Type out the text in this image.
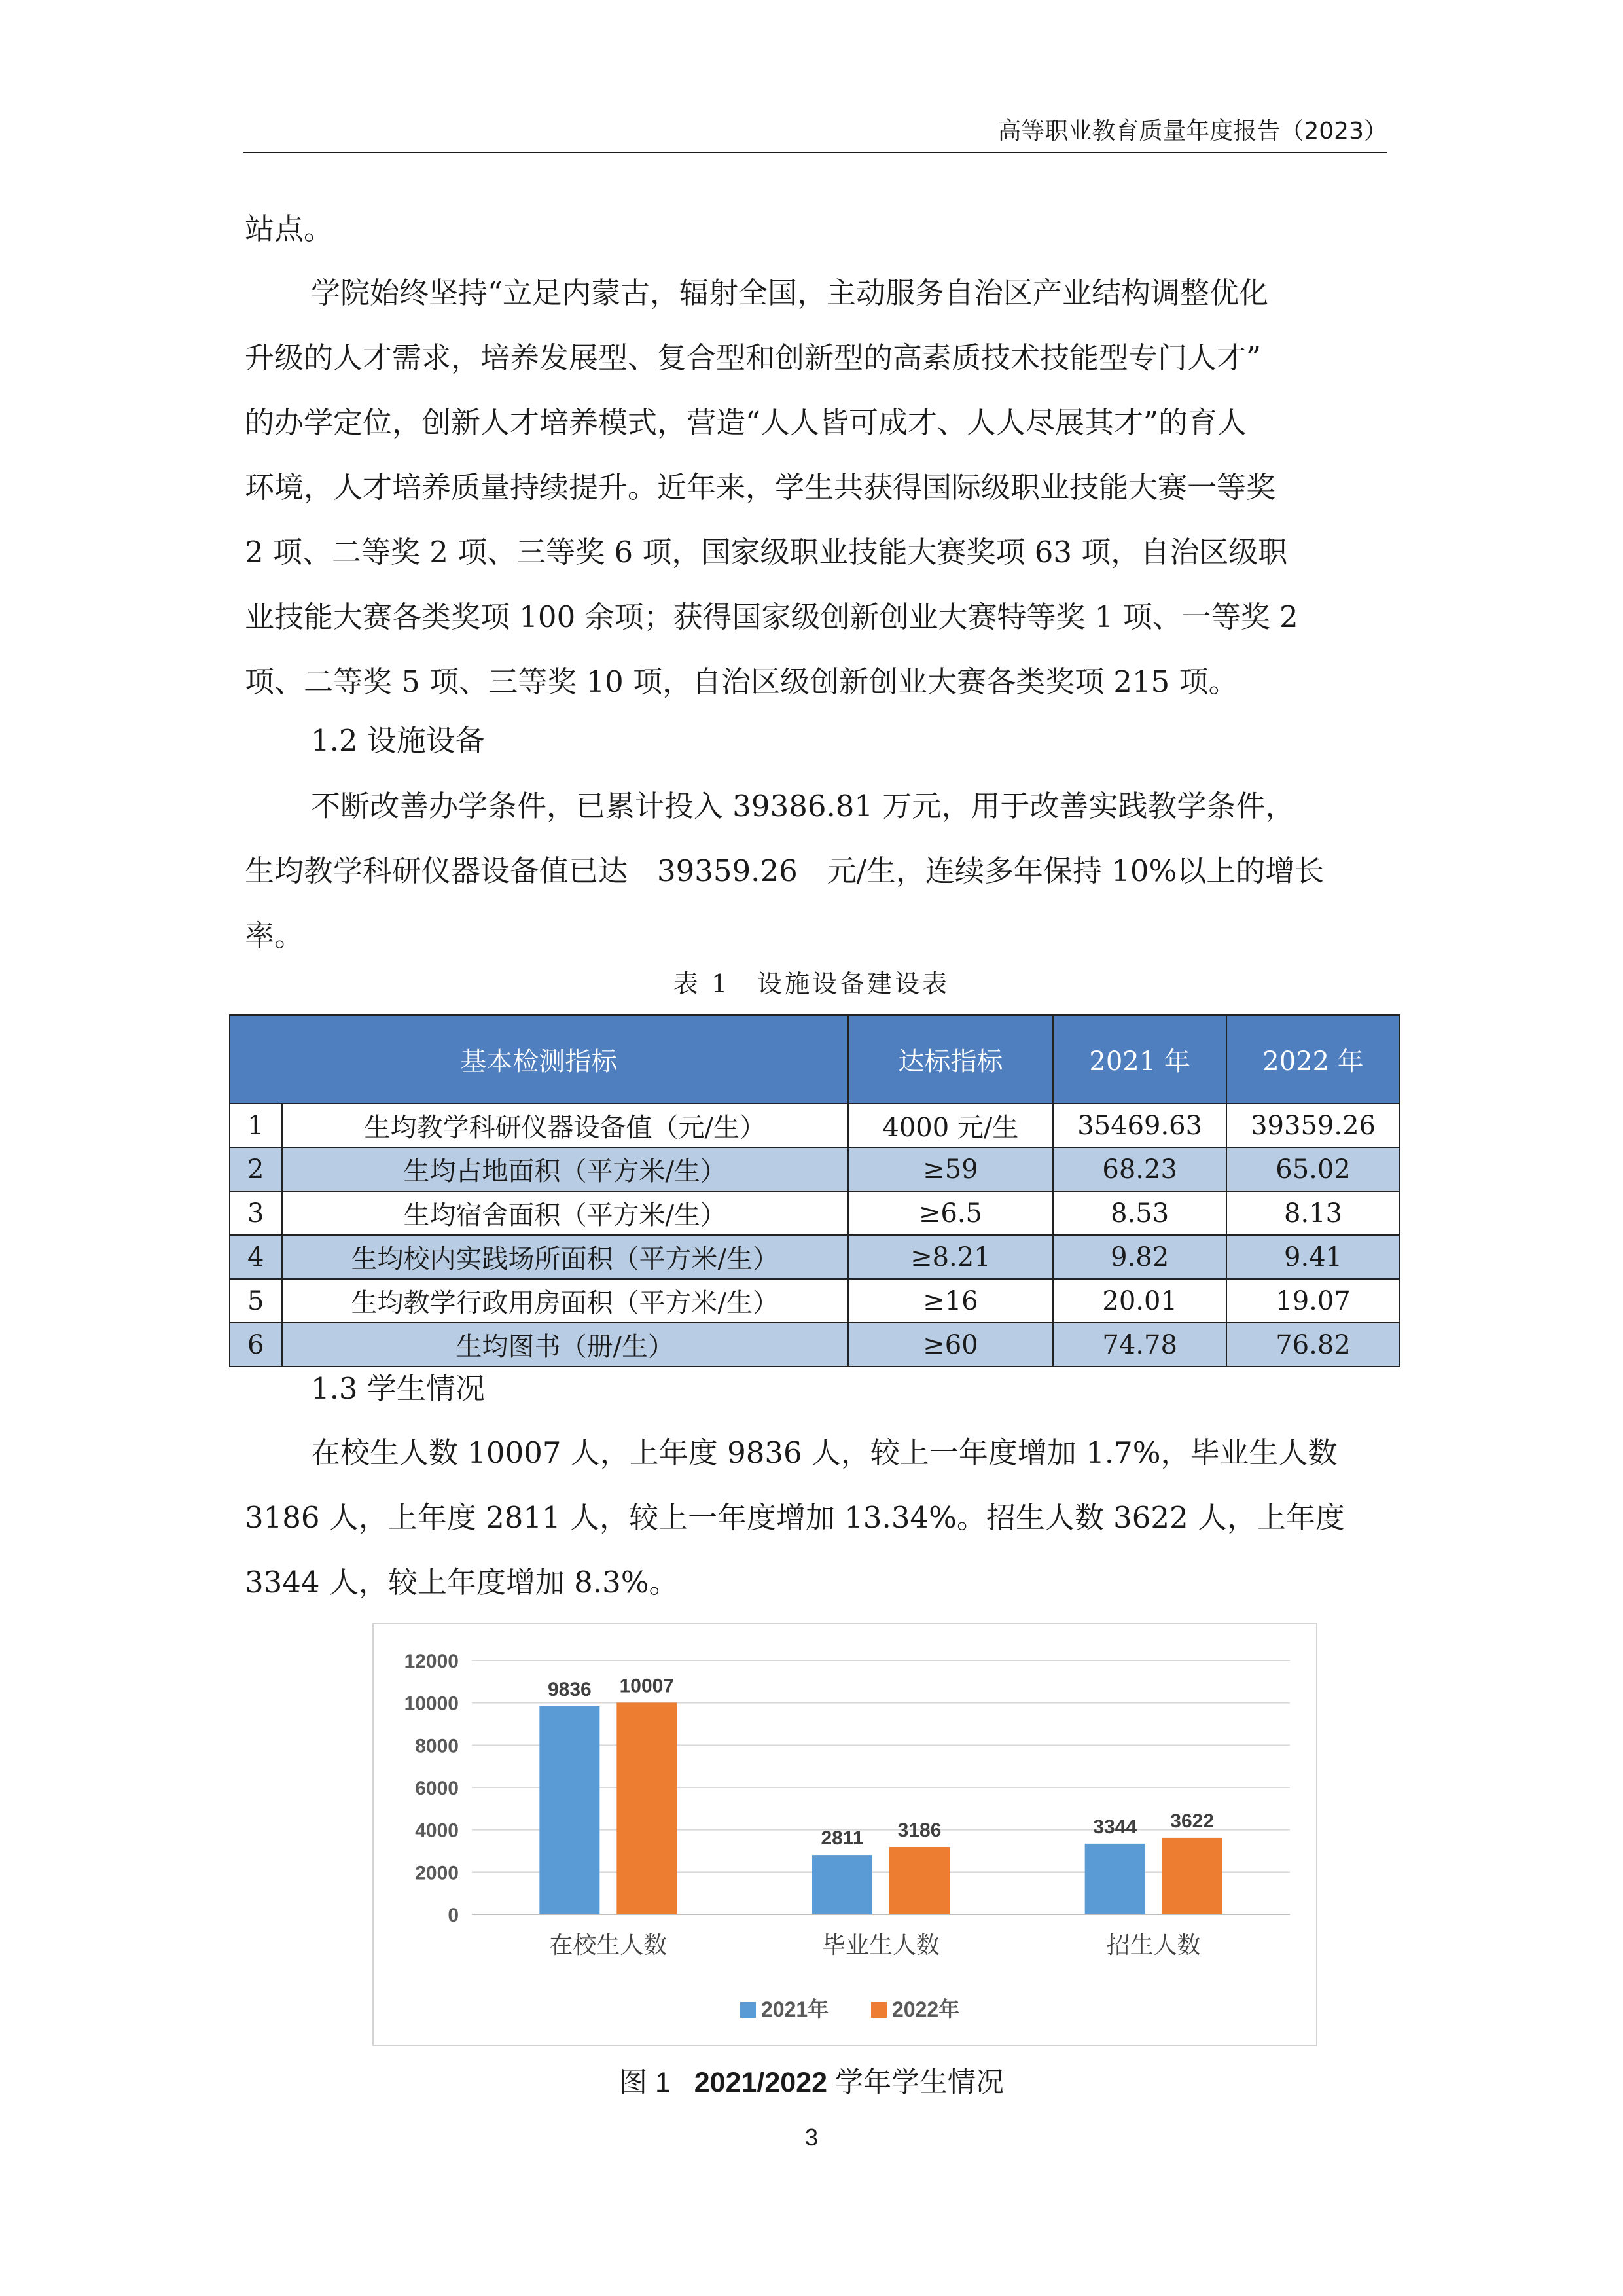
高等职业教育质量年度报告（2023）
站点。
学院始终坚持“立足内蒙古，辐射全国，主动服务自治区产业结构调整优化
升级的人才需求，培养发展型、复合型和创新型的高素质技术技能型专门人才”
的办学定位，创新人才培养模式，营造“人人皆可成才、人人尽展其才”的育人
环境，人才培养质量持续提升。近年来，学生共获得国际级职业技能大赛一等奖
2 项、二等奖 2 项、三等奖 6 项，国家级职业技能大赛奖项 63 项，自治区级职
业技能大赛各类奖项 100 余项；获得国家级创新创业大赛特等奖 1 项、一等奖 2
项、二等奖 5 项、三等奖 10 项，自治区级创新创业大赛各类奖项 215 项。
1.2 设施设备
不断改善办学条件，已累计投入 39386.81 万元，用于改善实践教学条件，
生均教学科研仪器设备值已达　39359.26　元/生，连续多年保持 10%以上的增长
率。
表 1　设施设备建设表
基本检测指标		达标指标	2021 年	2022 年
1	生均教学科研仪器设备值（元/生）	4000 元/生	35469.63	39359.26
2	生均占地面积（平方米/生）	≥59	68.23	65.02
3	生均宿舍面积（平方米/生）	≥6.5	8.53	8.13
4	生均校内实践场所面积（平方米/生）	≥8.21	9.82	9.41
5	生均教学行政用房面积（平方米/生）	≥16	20.01	19.07
6	生均图书（册/生）	≥60	74.78	76.82
1.3 学生情况
在校生人数 10007 人，上年度 9836 人，较上一年度增加 1.7%，毕业生人数
3186 人，上年度 2811 人，较上一年度增加 13.34%。招生人数 3622 人，上年度
3344 人，较上年度增加 8.3%。
0
2000
4000
6000
8000
10000
12000
9836 10007
在校生人数
2811 3186
毕业生人数
3344 3622
招生人数
2021年	2022年
图 1 2021/2022 学年学生情况
3
